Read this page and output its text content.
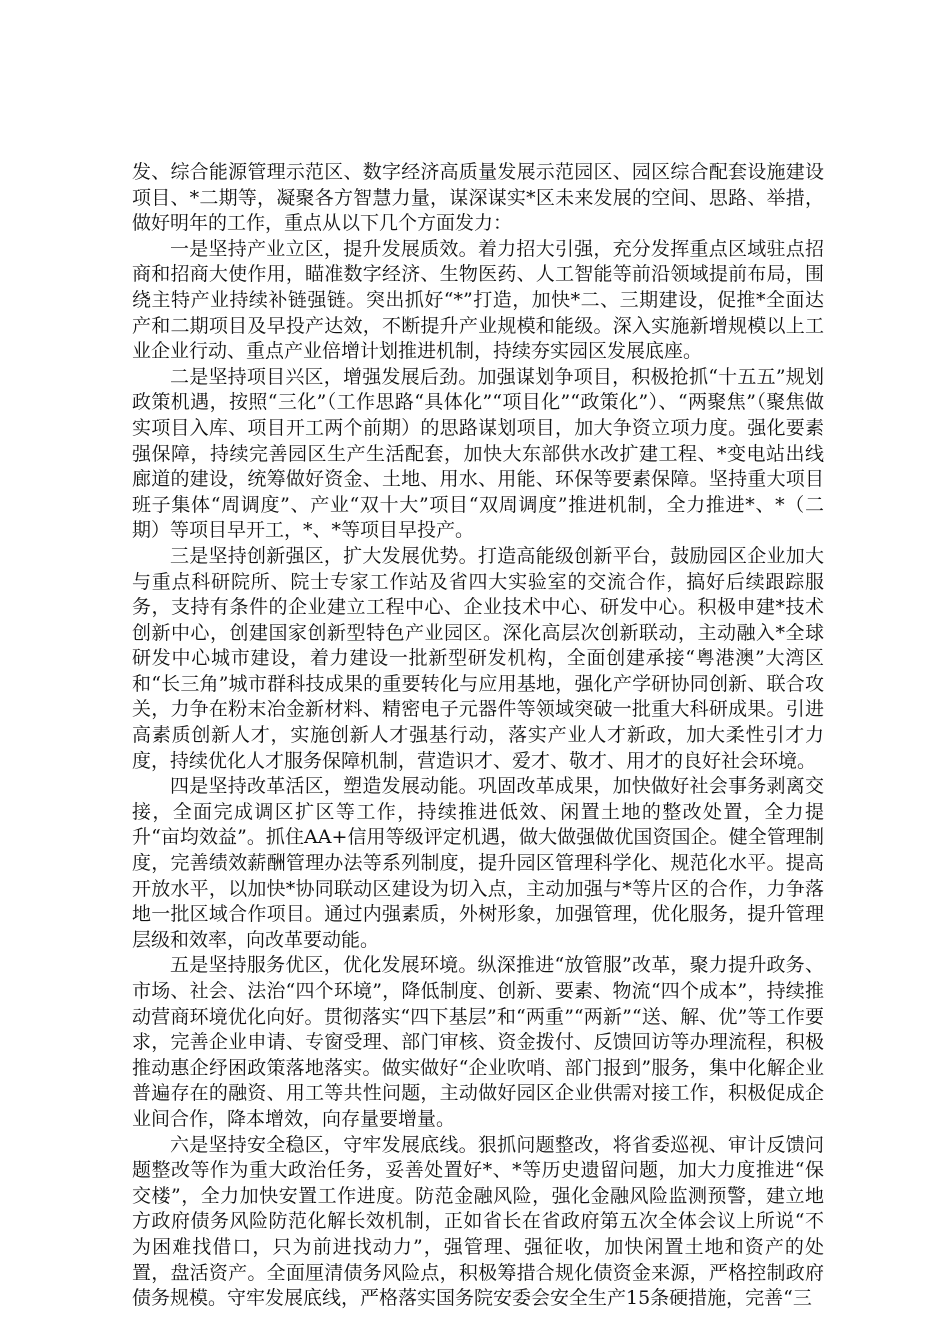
发、综合能源管理示范区、数字经济高质量发展示范园区、园区综合配套设施建设项目、*二期等，凝聚各方智慧力量，谋深谋实*区未来发展的空间、思路、举措，做好明年的工作，重点从以下几个方面发力：

一是坚持产业立区，提升发展质效。着力招大引强，充分发挥重点区域驻点招商和招商大使作用，瞄准数字经济、生物医药、人工智能等前沿领域提前布局，围绕主特产业持续补链强链。突出抓好“*”打造，加快*二、三期建设，促推*全面达产和二期项目及早投产达效，不断提升产业规模和能级。深入实施新增规模以上工业企业行动、重点产业倍增计划推进机制，持续夯实园区发展底座。

二是坚持项目兴区，增强发展后劲。加强谋划争项目，积极抢抓“十五五”规划政策机遇，按照“三化”（工作思路“具体化”“项目化”“政策化”）、“两聚焦”（聚焦做实项目入库、项目开工两个前期）的思路谋划项目，加大争资立项力度。强化要素强保障，持续完善园区生产生活配套，加快大东部供水改扩建工程、*变电站出线廊道的建设，统筹做好资金、土地、用水、用能、环保等要素保障。坚持重大项目班子集体“周调度”、产业“双十大”项目“双周调度”推进机制，全力推进*、*（二期）等项目早开工，*、*等项目早投产。

三是坚持创新强区，扩大发展优势。打造高能级创新平台，鼓励园区企业加大与重点科研院所、院士专家工作站及省四大实验室的交流合作，搞好后续跟踪服务，支持有条件的企业建立工程中心、企业技术中心、研发中心。积极申建*技术创新中心，创建国家创新型特色产业园区。深化高层次创新联动，主动融入*全球研发中心城市建设，着力建设一批新型研发机构，全面创建承接“粤港澳”大湾区和“长三角”城市群科技成果的重要转化与应用基地，强化产学研协同创新、联合攻关，力争在粉末冶金新材料、精密电子元器件等领域突破一批重大科研成果。引进高素质创新人才，实施创新人才强基行动，落实产业人才新政，加大柔性引才力度，持续优化人才服务保障机制，营造识才、爱才、敬才、用才的良好社会环境。

四是坚持改革活区，塑造发展动能。巩固改革成果，加快做好社会事务剥离交接，全面完成调区扩区等工作，持续推进低效、闲置土地的整改处置，全力提升“亩均效益”。抓住AA+信用等级评定机遇，做大做强做优国资国企。健全管理制度，完善绩效薪酬管理办法等系列制度，提升园区管理科学化、规范化水平。提高开放水平，以加快*协同联动区建设为切入点，主动加强与*等片区的合作，力争落地一批区域合作项目。通过内强素质，外树形象，加强管理，优化服务，提升管理层级和效率，向改革要动能。

五是坚持服务优区，优化发展环境。纵深推进“放管服”改革，聚力提升政务、市场、社会、法治“四个环境”，降低制度、创新、要素、物流“四个成本”，持续推动营商环境优化向好。贯彻落实“四下基层”和“两重”“两新”“送、解、优”等工作要求，完善企业申请、专窗受理、部门审核、资金拨付、反馈回访等办理流程，积极推动惠企纾困政策落地落实。做实做好“企业吹哨、部门报到”服务，集中化解企业普遍存在的融资、用工等共性问题，主动做好园区企业供需对接工作，积极促成企业间合作，降本增效，向存量要增量。

六是坚持安全稳区，守牢发展底线。狠抓问题整改，将省委巡视、审计反馈问题整改等作为重大政治任务，妥善处置好*、*等历史遗留问题，加大力度推进“保交楼”，全力加快安置工作进度。防范金融风险，强化金融风险监测预警，建立地方政府债务风险防范化解长效机制，正如省长在省政府第五次全体会议上所说“不为困难找借口，只为前进找动力”，强管理、强征收，加快闲置土地和资产的处置，盘活资产。全面厘清债务风险点，积极筹措合规化债资金来源，严格控制政府债务规模。守牢发展底线，严格落实国务院安委会安全生产15条硬措施，完善“三
